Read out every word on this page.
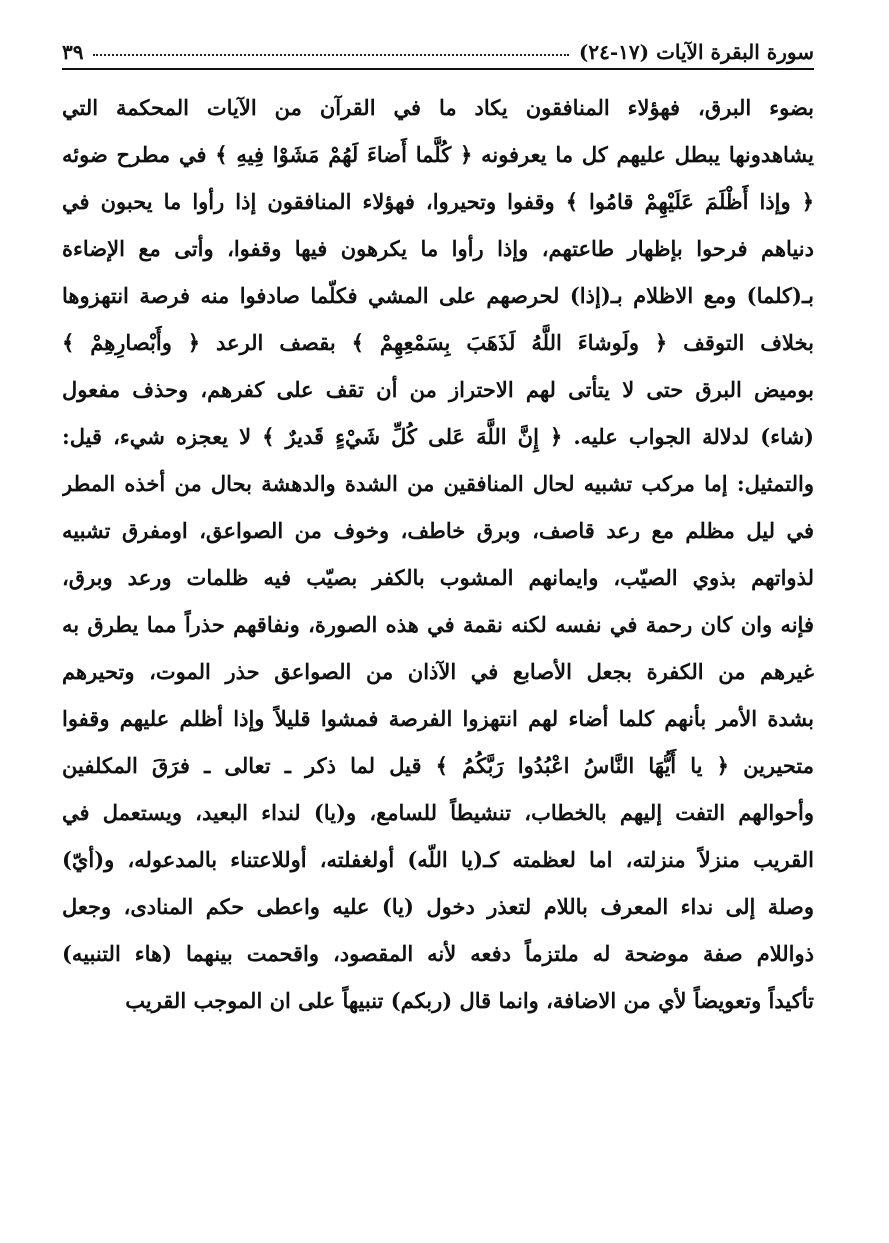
سورة البقرة الآيات (١٧-٢٤)
٣٩
بضوء البرق، فهؤلاء المنافقون يكاد ما في القرآن من الآيات المحكمة التي
يشاهدونها يبطل عليهم كل ما يعرفونه ﴿ كُلَّما أَضاءَ لَهُمْ مَشَوْا فِيهِ ﴾ في مطرح ضوئه
﴿ وإذا أَظْلَمَ عَلَيْهِمْ قامُوا ﴾ وقفوا وتحيروا، فهؤلاء المنافقون إذا رأوا ما يحبون في
دنياهم فرحوا بإظهار طاعتهم، وإذا رأوا ما يكرهون فيها وقفوا، وأتى مع الإضاءة
بـ(كلما) ومع الاظلام بـ(إذا) لحرصهم على المشي فكلّما صادفوا منه فرصة انتهزوها
بخلاف التوقف ﴿ ولَوشاءَ اللَّهُ لَذَهَبَ بِسَمْعِهِمْ ﴾ بقصف الرعد ﴿ وأَبْصارِهِمْ ﴾
بوميض البرق حتى لا يتأتى لهم الاحتراز من أن تقف على كفرهم، وحذف مفعول
(شاء) لدلالة الجواب عليه. ﴿ إِنَّ اللَّهَ عَلى كُلِّ شَيْءٍ قَديرٌ ﴾ لا يعجزه شيء، قيل:
والتمثيل: إما مركب تشبيه لحال المنافقين من الشدة والدهشة بحال من أخذه المطر
في ليل مظلم مع رعد قاصف، وبرق خاطف، وخوف من الصواعق، اومفرق تشبيه
لذواتهم بذوي الصيّب، وايمانهم المشوب بالكفر بصيّب فيه ظلمات ورعد وبرق،
فإنه وان كان رحمة في نفسه لكنه نقمة في هذه الصورة، ونفاقهم حذراً مما يطرق به
غيرهم من الكفرة بجعل الأصابع في الآذان من الصواعق حذر الموت، وتحيرهم
بشدة الأمر بأنهم كلما أضاء لهم انتهزوا الفرصة فمشوا قليلاً وإذا أظلم عليهم وقفوا
متحيرين ﴿ يا أَيُّهَا النَّاسُ اعْبُدُوا رَبَّكُمُ ﴾ قيل لما ذكر ـ تعالى ـ فرَقَ المكلفين
وأحوالهم التفت إليهم بالخطاب، تنشيطاً للسامع، و(يا) لنداء البعيد، ويستعمل في
القريب منزلاً منزلته، اما لعظمته كـ(يا اللّه) أولغفلته، أوللاعتناء بالمدعوله، و(أيّ)
وصلة إلى نداء المعرف باللام لتعذر دخول (يا) عليه واعطى حكم المنادى، وجعل
ذواللام صفة موضحة له ملتزماً دفعه لأنه المقصود، واقحمت بينهما (هاء التنبيه)
تأكيداً وتعويضاً لأي من الاضافة، وانما قال (ربكم) تنبيهاً على ان الموجب القريب
